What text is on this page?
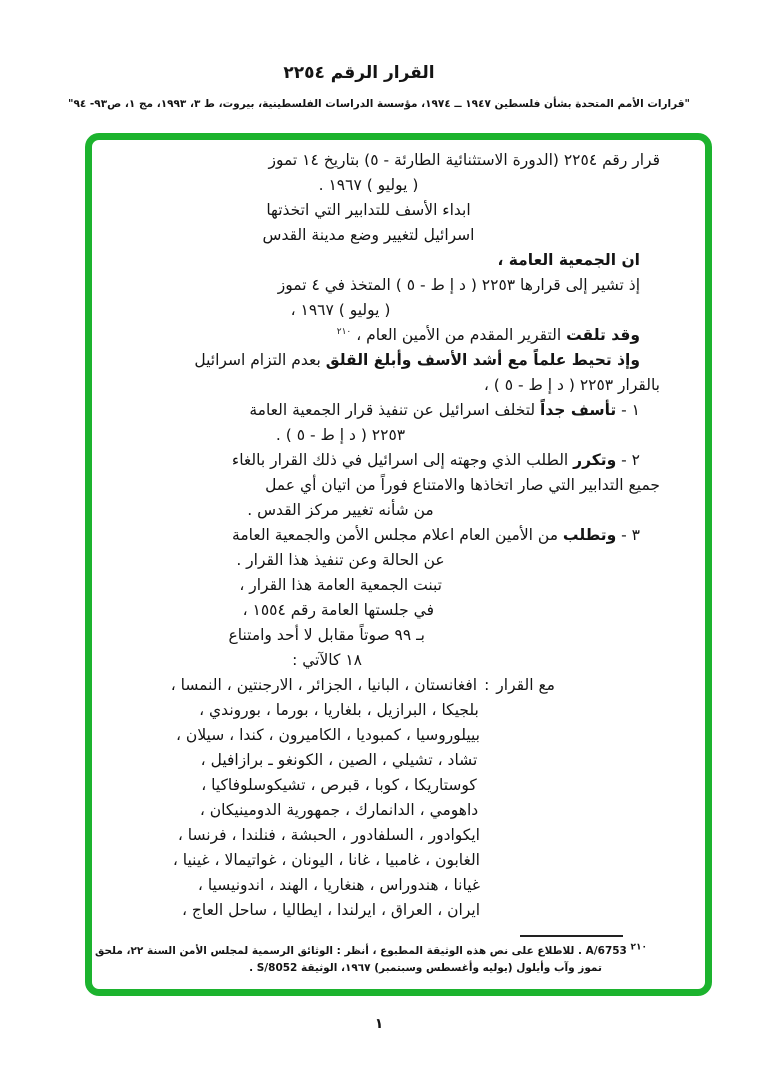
القرار الرقم ٢٢٥٤
"قرارات الأمم المتحدة بشأن فلسطين ١٩٤٧ ــ ١٩٧٤، مؤسسة الدراسات الفلسطينية، بيروت، ط ٣، ١٩٩٣، مج ١، ص٩٣- ٩٤"
قرار رقم ٢٢٥٤ (الدورة الاستثنائية الطارئة - ٥) بتاريخ ١٤ تموز
( يوليو ) ١٩٦٧ .
ابداء الأسف للتدابير التي اتخذتها
اسرائيل لتغيير وضع مدينة القدس
ان الجمعية العامة ،
إذ تشير إلى قرارها ٢٢٥٣ ( د إ ط - ٥ ) المتخذ في ٤ تموز
( يوليو ) ١٩٦٧ ،
وقد تلقت التقرير المقدم من الأمين العام ، $^{٢١٠}$
وإذ تحيط علماً مع أشد الأسف وأبلغ القلق بعدم التزام اسرائيل
بالقرار ٢٢٥٣ ( د إ ط - ٥ ) ،
١ - تأسف جداً لتخلف اسرائيل عن تنفيذ قرار الجمعية العامة
٢٢٥٣ ( د إ ط - ٥ ) .
٢ - وتكرر الطلب الذي وجهته إلى اسرائيل في ذلك القرار بالغاء
جميع التدابير التي صار اتخاذها والامتناع فوراً من اتيان أي عمل
من شأنه تغيير مركز القدس .
٣ - وتطلب من الأمين العام اعلام مجلس الأمن والجمعية العامة
عن الحالة وعن تنفيذ هذا القرار .
تبنت الجمعية العامة هذا القرار ،
في جلستها العامة رقم ١٥٥٤ ،
بـ ٩٩ صوتاً مقابل لا أحد وامتناع
١٨ كالآتي :
مع القرار:افغانستان ، البانيا ، الجزائر ، الارجنتين ، النمسا ،
بلجيكا ، البرازيل ، بلغاريا ، بورما ، بوروندي ،
بييلوروسيا ، كمبوديا ، الكاميرون ، كندا ، سيلان ،
تشاد ، تشيلي ، الصين ، الكونغو ـ برازافيل ،
كوستاريكا ، كوبا ، قبرص ، تشيكوسلوفاكيا ،
داهومي ، الدانمارك ، جمهورية الدومينيكان ،
ايكوادور ، السلفادور ، الحبشة ، فنلندا ، فرنسا ،
الغابون ، غامبيا ، غانا ، اليونان ، غواتيمالا ، غينيا ،
غيانا ، هندوراس ، هنغاريا ، الهند ، اندونيسيا ،
ايران ، العراق ، ايرلندا ، ايطاليا ، ساحل العاج ،
$^{٢١٠}$ A/6753 . للاطلاع على نص هذه الوثيقة المطبوع ، أنظر : الوثائق الرسمية لمجلس الأمن السنة ٢٢، ملحق
تموز وآب وأيلول (يوليه وأغسطس وسبتمبر) ١٩٦٧، الوثيقة S/8052 .
١
